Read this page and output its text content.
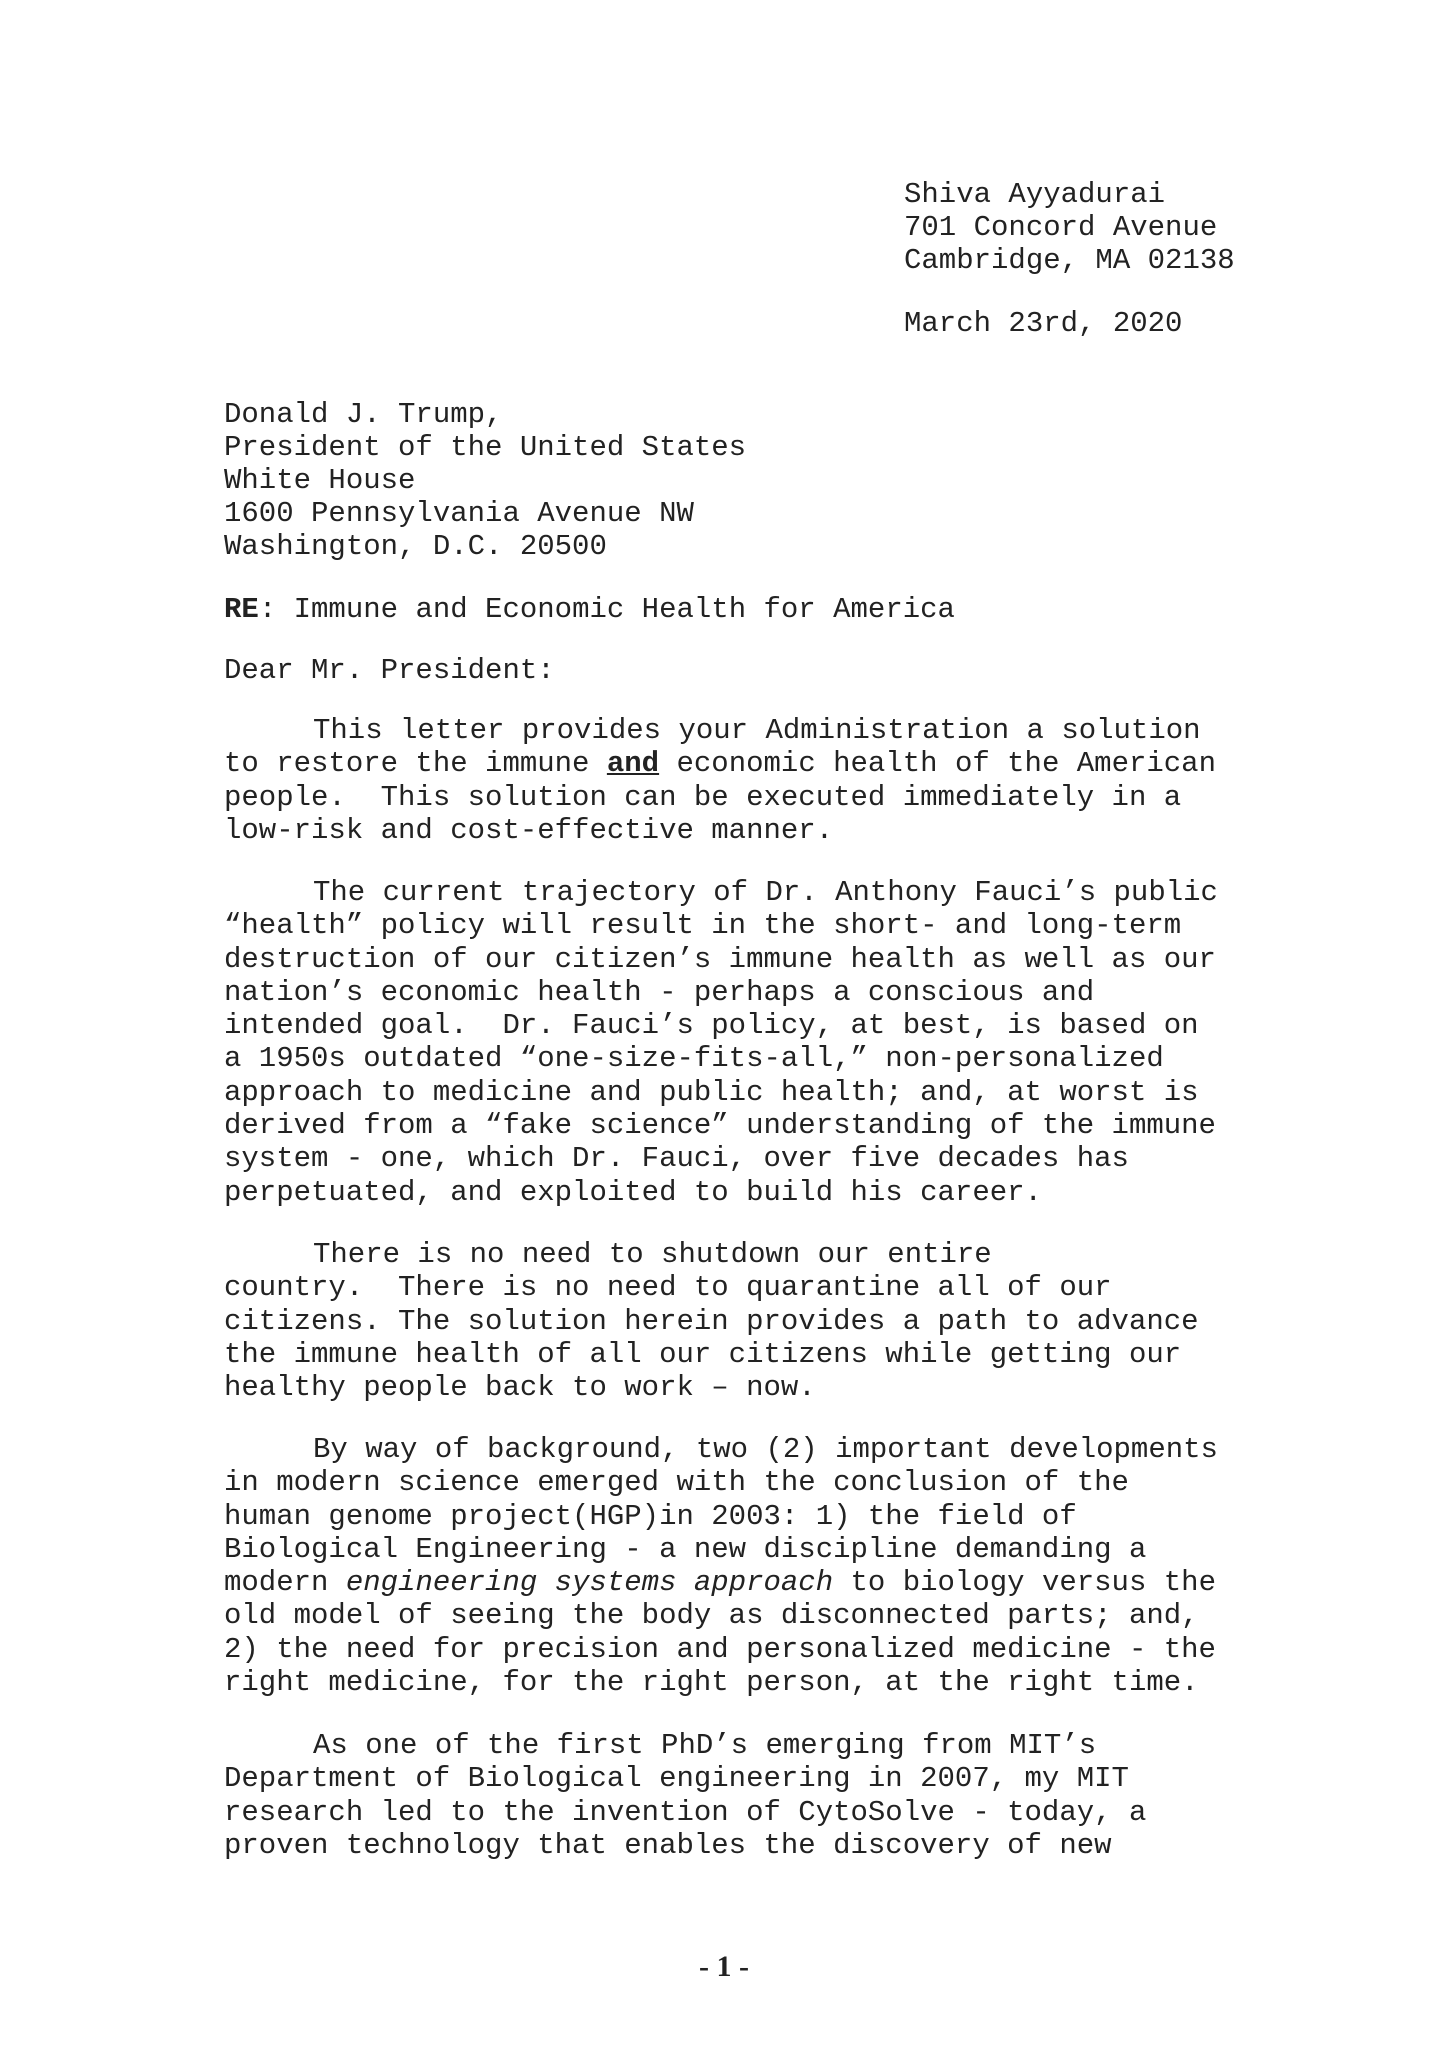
Shiva Ayyadurai
701 Concord Avenue
Cambridge, MA 02138
March 23rd, 2020
Donald J. Trump,
President of the United States
White House
1600 Pennsylvania Avenue NW
Washington, D.C. 20500
RE: Immune and Economic Health for America
Dear Mr. President:
This letter provides your Administration a solution
to restore the immune and economic health of the American
people.  This solution can be executed immediately in a
low-risk and cost-effective manner.
The current trajectory of Dr. Anthony Fauci’s public
“health” policy will result in the short- and long-term
destruction of our citizen’s immune health as well as our
nation’s economic health - perhaps a conscious and
intended goal.  Dr. Fauci’s policy, at best, is based on
a 1950s outdated “one-size-fits-all,” non-personalized
approach to medicine and public health; and, at worst is
derived from a “fake science” understanding of the immune
system - one, which Dr. Fauci, over five decades has
perpetuated, and exploited to build his career.
There is no need to shutdown our entire
country.  There is no need to quarantine all of our
citizens. The solution herein provides a path to advance
the immune health of all our citizens while getting our
healthy people back to work – now.
By way of background, two (2) important developments
in modern science emerged with the conclusion of the
human genome project(HGP)in 2003: 1) the field of
Biological Engineering - a new discipline demanding a
modern engineering systems approach to biology versus the
old model of seeing the body as disconnected parts; and,
2) the need for precision and personalized medicine - the
right medicine, for the right person, at the right time.
As one of the first PhD’s emerging from MIT’s
Department of Biological engineering in 2007, my MIT
research led to the invention of CytoSolve - today, a
proven technology that enables the discovery of new
- 1 -
